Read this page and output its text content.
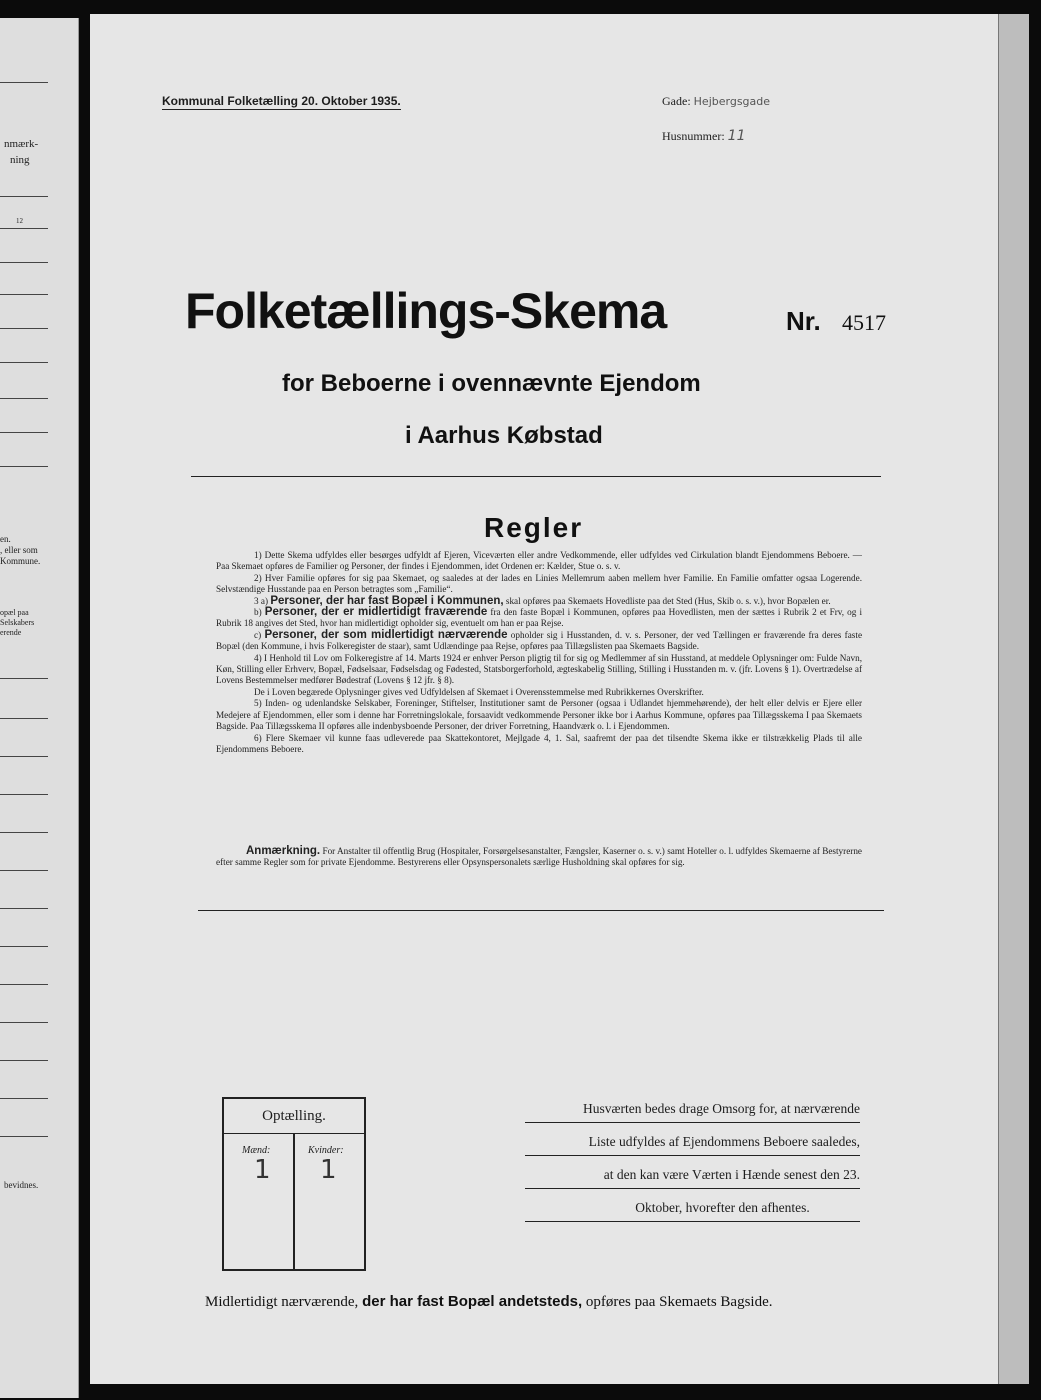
nmærk-
ning
12
en.
, eller som
Kommune.
opæl paa
Selskabers
erende
bevidnes.
Kommunal Folketælling 20. Oktober 1935.	Gade: Hejbergsgade
Husnummer: 11
Folketællings-Skema	Nr. 4517
for Beboerne i ovennævnte Ejendom
i Aarhus Købstad
Regler

1) Dette Skema udfyldes eller besørges udfyldt af Ejeren, Viceværten eller andre Vedkommende, eller udfyldes ved Cirkulation blandt Ejendommens Beboere. — Paa Skemaet opføres de Familier og Personer, der findes i Ejendommen, idet Ordenen er: Kælder, Stue o. s. v.

2) Hver Familie opføres for sig paa Skemaet, og saaledes at der lades en Linies Mellemrum aaben mellem hver Familie. En Familie omfatter ogsaa Logerende. Selvstændige Husstande paa en Person betragtes som „Familie“.

3 a) Personer, der har fast Bopæl i Kommunen, skal opføres paa Skemaets Hovedliste paa det Sted (Hus, Skib o. s. v.), hvor Bopælen er.

b) Personer, der er midlertidigt fraværende fra den faste Bopæl i Kommunen, opføres paa Hovedlisten, men der sættes i Rubrik 2 et Frv, og i Rubrik 18 angives det Sted, hvor han midlertidigt opholder sig, eventuelt om han er paa Rejse.

c) Personer, der som midlertidigt nærværende opholder sig i Husstanden, d. v. s. Personer, der ved Tællingen er fraværende fra deres faste Bopæl (den Kommune, i hvis Folkeregister de staar), samt Udlændinge paa Rejse, opføres paa Tillægslisten paa Skemaets Bagside.

4) I Henhold til Lov om Folkeregistre af 14. Marts 1924 er enhver Person pligtig til for sig og Medlemmer af sin Husstand, at meddele Oplysninger om: Fulde Navn, Køn, Stilling eller Erhverv, Bopæl, Fødselsaar, Fødselsdag og Fødested, Statsborgerforhold, ægteskabelig Stilling, Stilling i Husstanden m. v. (jfr. Lovens § 1). Overtrædelse af Lovens Bestemmelser medfører Bødestraf (Lovens § 12 jfr. § 8).

De i Loven begærede Oplysninger gives ved Udfyldelsen af Skemaet i Overensstemmelse med Rubrikkernes Overskrifter.

5) Inden- og udenlandske Selskaber, Foreninger, Stiftelser, Institutioner samt de Personer (ogsaa i Udlandet hjemmehørende), der helt eller delvis er Ejere eller Medejere af Ejendommen, eller som i denne har Forretningslokale, forsaavidt vedkommende Personer ikke bor i Aarhus Kommune, opføres paa Tillægsskema I paa Skemaets Bagside. Paa Tillægsskema II opføres alle indenbysboende Personer, der driver Forretning, Haandværk o. l. i Ejendommen.

6) Flere Skemaer vil kunne faas udleverede paa Skattekontoret, Mejlgade 4, 1. Sal, saafremt der paa det tilsendte Skema ikke er tilstrækkelig Plads til alle Ejendommens Beboere.

Anmærkning. For Anstalter til offentlig Brug (Hospitaler, Forsørgelsesanstalter, Fængsler, Kaserner o. s. v.) samt Hoteller o. l. udfyldes Skemaerne af Bestyrerne efter samme Regler som for private Ejendomme. Bestyrerens eller Opsynspersonalets særlige Husholdning skal opføres for sig.
Optælling.
Mænd:	Kvinder:
1 1
Husværten bedes drage Omsorg for, at nærværende
Liste udfyldes af Ejendommens Beboere saaledes,
at den kan være Værten i Hænde senest den 23.
Oktober, hvorefter den afhentes.
Midlertidigt nærværende, der har fast Bopæl andetsteds, opføres paa Skemaets Bagside.
